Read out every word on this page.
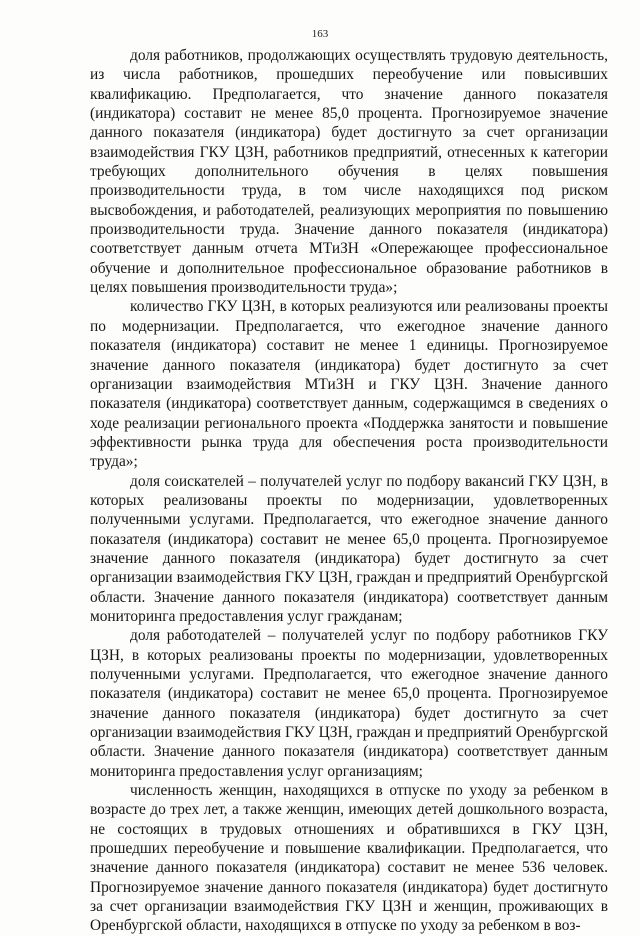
163

доля работников, продолжающих осуществлять трудовую деятельность, из числа работников, прошедших переобучение или повысивших квалификацию. Предполагается, что значение данного показателя (индикатора) составит не менее 85,0 процента. Прогнозируемое значение данного показателя (индикатора) будет достигнуто за счет организации взаимодействия ГКУ ЦЗН, работников предприятий, отнесенных к категории требующих дополнительного обучения в целях повышения производительности труда, в том числе находящихся под риском высвобождения, и работодателей, реализующих мероприятия по повышению производительности труда. Значение данного показателя (индикатора) соответствует данным отчета МТиЗН «Опережающее профессиональное обучение и дополнительное профессиональное образование работников в целях повышения производительности труда»;

количество ГКУ ЦЗН, в которых реализуются или реализованы проекты по модернизации. Предполагается, что ежегодное значение данного показателя (индикатора) составит не менее 1 единицы. Прогнозируемое значение данного показателя (индикатора) будет достигнуто за счет организации взаимодействия МТиЗН и ГКУ ЦЗН. Значение данного показателя (индикатора) соответствует данным, содержащимся в сведениях о ходе реализации регионального проекта «Поддержка занятости и повышение эффективности рынка труда для обеспечения роста производительности труда»;

доля соискателей – получателей услуг по подбору вакансий ГКУ ЦЗН, в которых реализованы проекты по модернизации, удовлетворенных полученными услугами. Предполагается, что ежегодное значение данного показателя (индикатора) составит не менее 65,0 процента. Прогнозируемое значение данного показателя (индикатора) будет достигнуто за счет организации взаимодействия ГКУ ЦЗН, граждан и предприятий Оренбургской области. Значение данного показателя (индикатора) соответствует данным мониторинга предоставления услуг гражданам;

доля работодателей – получателей услуг по подбору работников ГКУ ЦЗН, в которых реализованы проекты по модернизации, удовлетворенных полученными услугами. Предполагается, что ежегодное значение данного показателя (индикатора) составит не менее 65,0 процента. Прогнозируемое значение данного показателя (индикатора) будет достигнуто за счет организации взаимодействия ГКУ ЦЗН, граждан и предприятий Оренбургской области. Значение данного показателя (индикатора) соответствует данным мониторинга предоставления услуг организациям;

численность женщин, находящихся в отпуске по уходу за ребенком в возрасте до трех лет, а также женщин, имеющих детей дошкольного возраста, не состоящих в трудовых отношениях и обратившихся в ГКУ ЦЗН, прошедших переобучение и повышение квалификации. Предполагается, что значение данного показателя (индикатора) составит не менее 536 человек. Прогнозируемое значение данного показателя (индикатора) будет достигнуто за счет организации взаимодействия ГКУ ЦЗН и женщин, проживающих в Оренбургской области, находящихся в отпуске по уходу за ребенком в воз-
